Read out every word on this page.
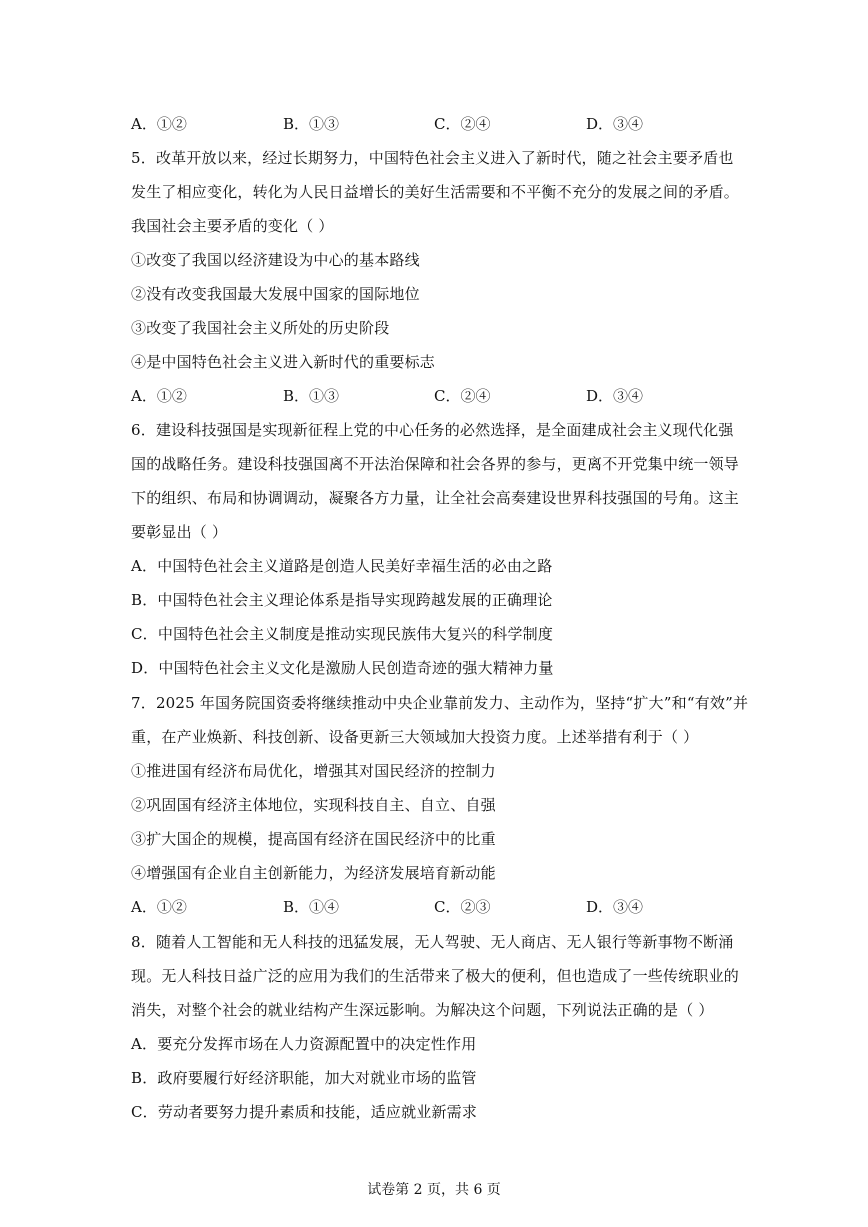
A．①②	B．①③	C．②④	D．③④
5．改革开放以来，经过长期努力，中国特色社会主义进入了新时代，随之社会主要矛盾也
发生了相应变化，转化为人民日益增长的美好生活需要和不平衡不充分的发展之间的矛盾。
我国社会主要矛盾的变化（ ）
①改变了我国以经济建设为中心的基本路线
②没有改变我国最大发展中国家的国际地位
③改变了我国社会主义所处的历史阶段
④是中国特色社会主义进入新时代的重要标志
A．①②	B．①③	C．②④	D．③④
6．建设科技强国是实现新征程上党的中心任务的必然选择，是全面建成社会主义现代化强
国的战略任务。建设科技强国离不开法治保障和社会各界的参与，更离不开党集中统一领导
下的组织、布局和协调调动，凝聚各方力量，让全社会高奏建设世界科技强国的号角。这主
要彰显出（ ）
A．中国特色社会主义道路是创造人民美好幸福生活的必由之路
B．中国特色社会主义理论体系是指导实现跨越发展的正确理论
C．中国特色社会主义制度是推动实现民族伟大复兴的科学制度
D．中国特色社会主义文化是激励人民创造奇迹的强大精神力量
7．2025 年国务院国资委将继续推动中央企业靠前发力、主动作为，坚持“扩大”和“有效”并
重，在产业焕新、科技创新、设备更新三大领域加大投资力度。上述举措有利于（ ）
①推进国有经济布局优化，增强其对国民经济的控制力
②巩固国有经济主体地位，实现科技自主、自立、自强
③扩大国企的规模，提高国有经济在国民经济中的比重
④增强国有企业自主创新能力，为经济发展培育新动能
A．①②	B．①④	C．②③	D．③④
8．随着人工智能和无人科技的迅猛发展，无人驾驶、无人商店、无人银行等新事物不断涌
现。无人科技日益广泛的应用为我们的生活带来了极大的便利，但也造成了一些传统职业的
消失，对整个社会的就业结构产生深远影响。为解决这个问题，下列说法正确的是（ ）
A．要充分发挥市场在人力资源配置中的决定性作用
B．政府要履行好经济职能，加大对就业市场的监管
C．劳动者要努力提升素质和技能，适应就业新需求
试卷第 2 页，共 6 页
